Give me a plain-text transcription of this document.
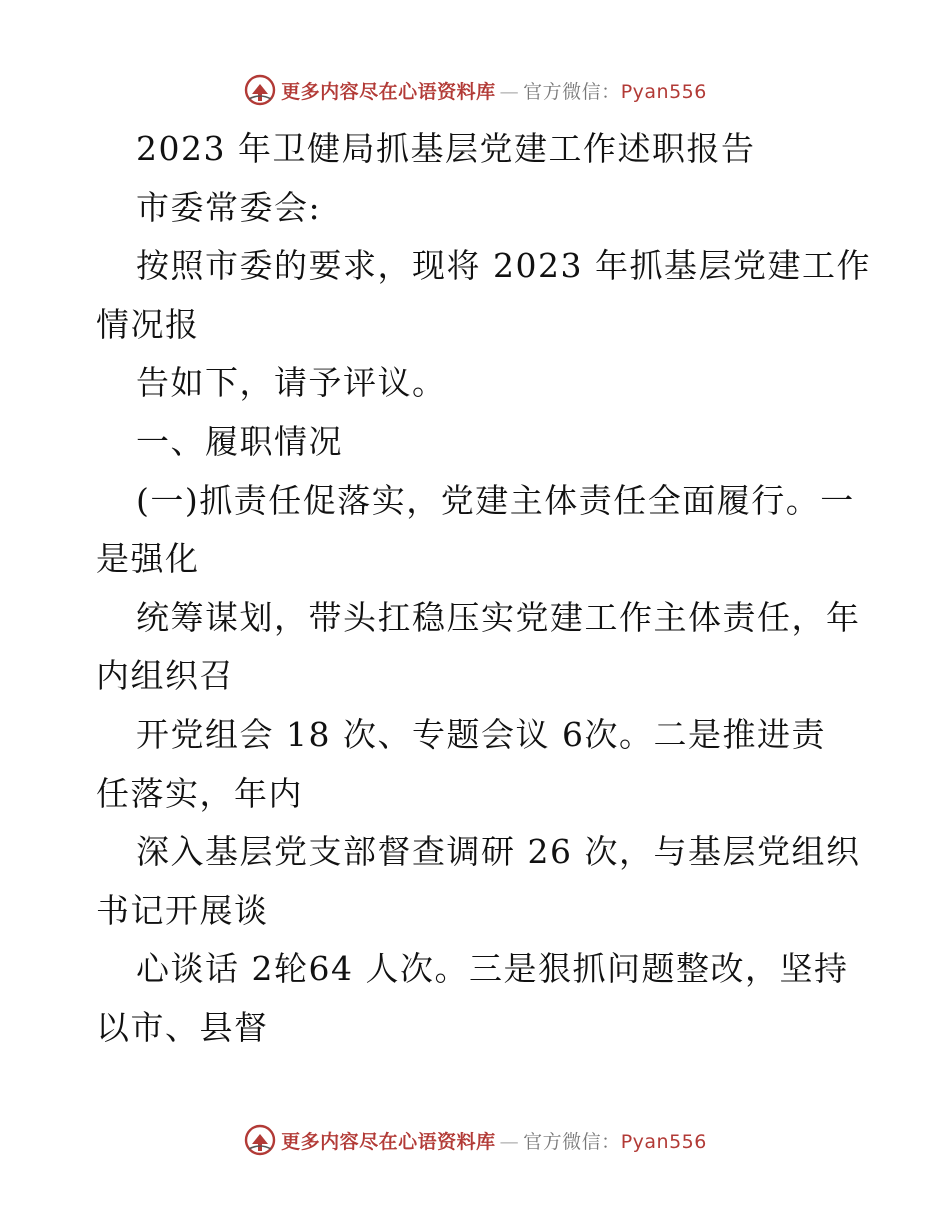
更多内容尽在心语资料库 — 官方微信：Pyan556
2023 年卫健局抓基层党建工作述职报告
市委常委会:
按照市委的要求，现将 2023 年抓基层党建工作
情况报
告如下，请予评议。
一、履职情况
(一)抓责任促落实，党建主体责任全面履行。一
是强化
统筹谋划，带头扛稳压实党建工作主体责任，年
内组织召
开党组会 18 次、专题会议 6次。二是推进责
任落实，年内
深入基层党支部督查调研 26 次，与基层党组织
书记开展谈
心谈话 2轮64 人次。三是狠抓问题整改，坚持
以市、县督
更多内容尽在心语资料库 — 官方微信：Pyan556
